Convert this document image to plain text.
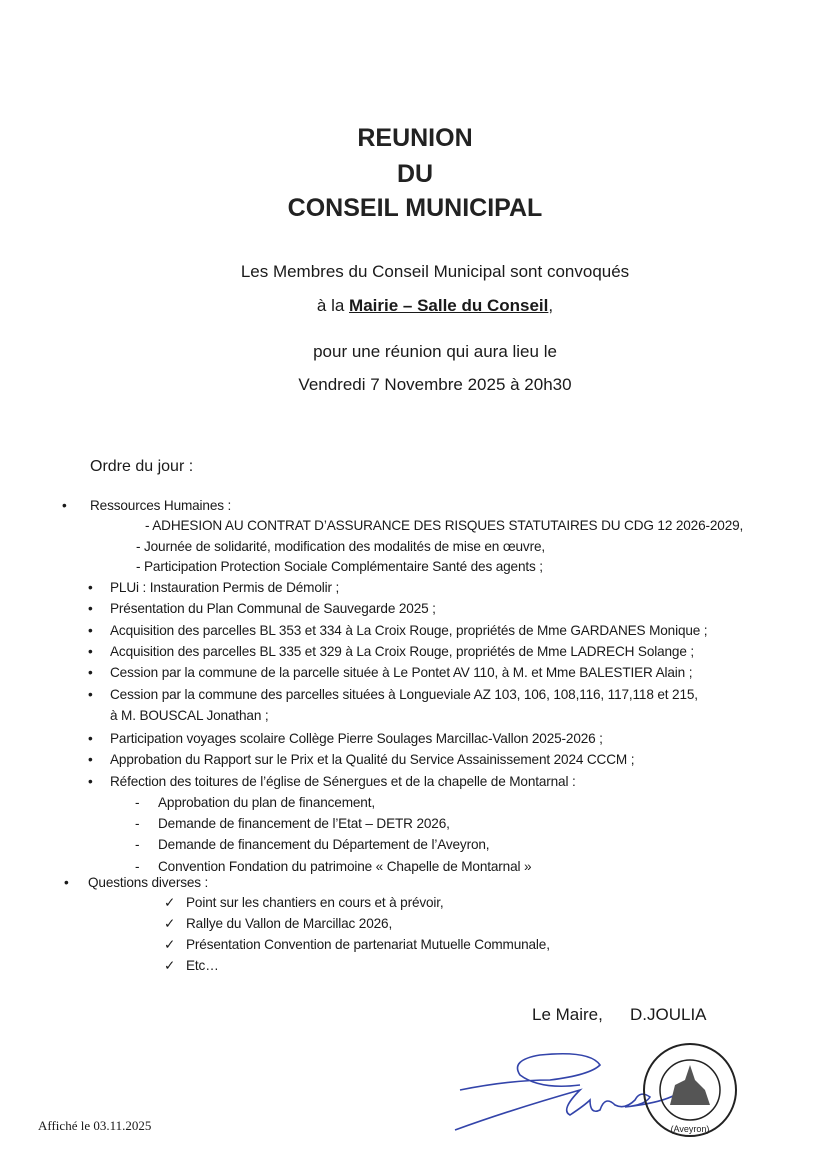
REUNION
DU
CONSEIL MUNICIPAL
Les Membres du Conseil Municipal sont convoqués
à la Mairie – Salle du Conseil,
pour une réunion qui aura lieu le
Vendredi 7 Novembre 2025 à 20h30
Ordre du jour :
• Ressources Humaines :
- ADHESION AU CONTRAT D’ASSURANCE DES RISQUES STATUTAIRES DU CDG 12 2026-2029,
- Journée de solidarité, modification des modalités de mise en œuvre,
- Participation Protection Sociale Complémentaire Santé des agents ;
• PLUi : Instauration Permis de Démolir ;
• Présentation du Plan Communal de Sauvegarde 2025 ;
• Acquisition des parcelles BL 353 et 334 à La Croix Rouge, propriétés de Mme GARDANES Monique ;
• Acquisition des parcelles BL 335 et 329 à La Croix Rouge, propriétés de Mme LADRECH Solange ;
• Cession par la commune de la parcelle située à Le Pontet AV 110, à M. et Mme BALESTIER Alain ;
• Cession par la commune des parcelles situées à Longueviale AZ 103, 106, 108,116, 117,118 et 215,
à M. BOUSCAL Jonathan ;
• Participation voyages scolaire Collège Pierre Soulages Marcillac-Vallon 2025-2026 ;
• Approbation du Rapport sur le Prix et la Qualité du Service Assainissement 2024 CCCM ;
• Réfection des toitures de l’église de Sénergues et de la chapelle de Montarnal :
- Approbation du plan de financement,
- Demande de financement de l’Etat – DETR 2026,
- Demande de financement du Département de l’Aveyron,
- Convention Fondation du patrimoine « Chapelle de Montarnal »
• Questions diverses :
✓ Point sur les chantiers en cours et à prévoir,
✓ Rallye du Vallon de Marcillac 2026,
✓ Présentation Convention de partenariat Mutuelle Communale,
✓ Etc…
Le Maire, D.JOULIA
(Aveyron)
Affiché le 03.11.2025
